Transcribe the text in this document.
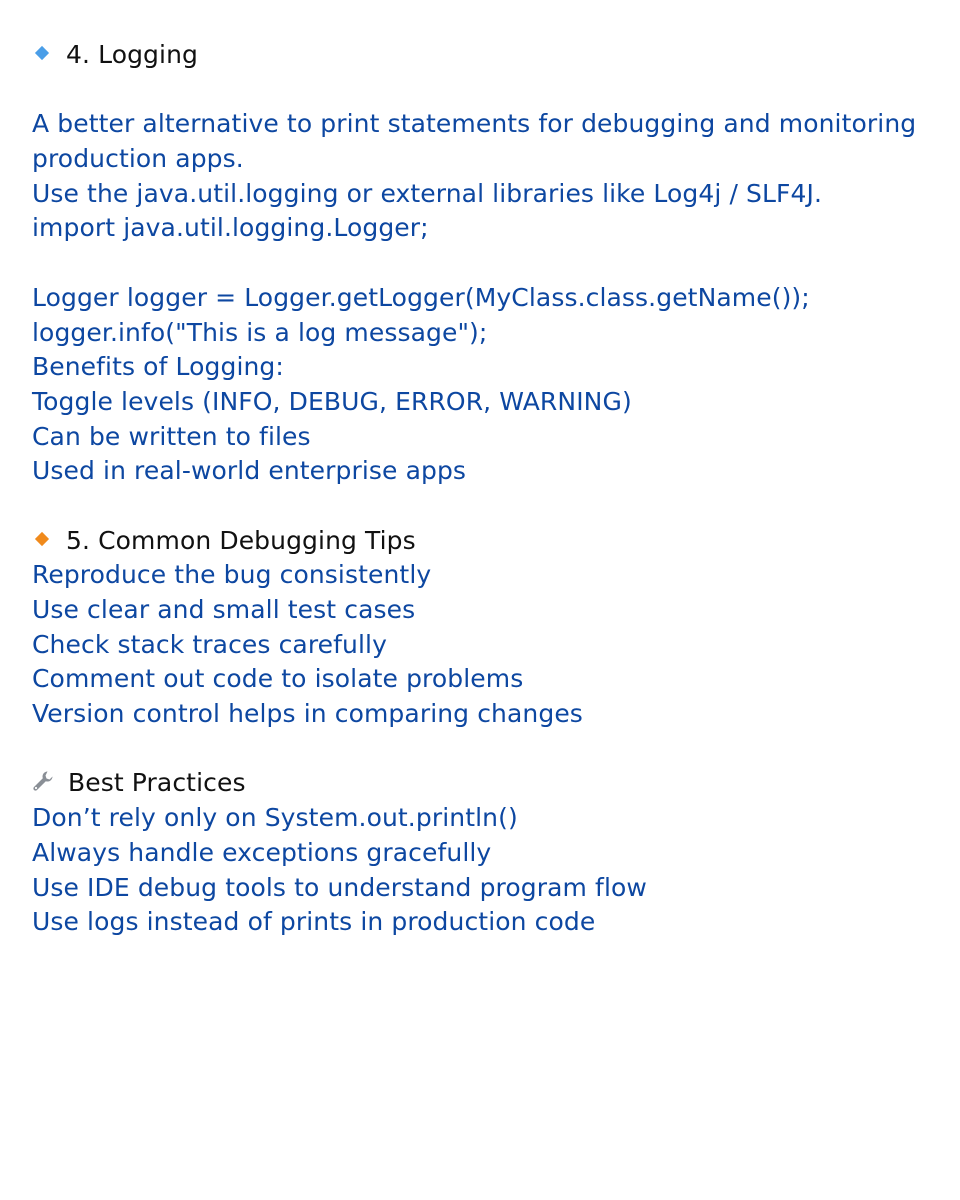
4. Logging
A better alternative to print statements for debugging and monitoring
production apps.
Use the java.util.logging or external libraries like Log4j / SLF4J.
import java.util.logging.Logger;
Logger logger = Logger.getLogger(MyClass.class.getName());
logger.info("This is a log message");
Benefits of Logging:
Toggle levels (INFO, DEBUG, ERROR, WARNING)
Can be written to files
Used in real-world enterprise apps
5. Common Debugging Tips
Reproduce the bug consistently
Use clear and small test cases
Check stack traces carefully
Comment out code to isolate problems
Version control helps in comparing changes
Best Practices
Don’t rely only on System.out.println()
Always handle exceptions gracefully
Use IDE debug tools to understand program flow
Use logs instead of prints in production code
